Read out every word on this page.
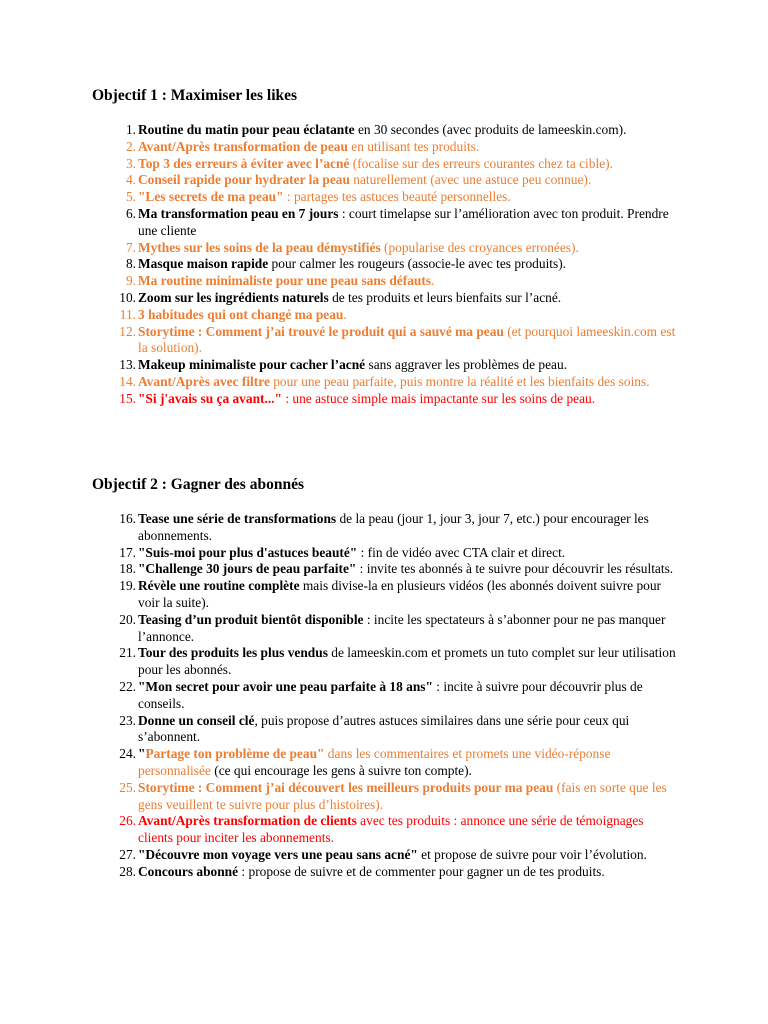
Objectif 1 : Maximiser les likes
1. Routine du matin pour peau éclatante en 30 secondes (avec produits de lameeskin.com).
2. Avant/Après transformation de peau en utilisant tes produits.
3. Top 3 des erreurs à éviter avec l’acné (focalise sur des erreurs courantes chez ta cible).
4. Conseil rapide pour hydrater la peau naturellement (avec une astuce peu connue).
5. "Les secrets de ma peau" : partages tes astuces beauté personnelles.
6. Ma transformation peau en 7 jours : court timelapse sur l’amélioration avec ton produit. Prendre une cliente
7. Mythes sur les soins de la peau démystifiés (popularise des croyances erronées).
8. Masque maison rapide pour calmer les rougeurs (associe-le avec tes produits).
9. Ma routine minimaliste pour une peau sans défauts.
10. Zoom sur les ingrédients naturels de tes produits et leurs bienfaits sur l’acné.
11. 3 habitudes qui ont changé ma peau.
12. Storytime : Comment j’ai trouvé le produit qui a sauvé ma peau (et pourquoi lameeskin.com est la solution).
13. Makeup minimaliste pour cacher l’acné sans aggraver les problèmes de peau.
14. Avant/Après avec filtre pour une peau parfaite, puis montre la réalité et les bienfaits des soins.
15. "Si j'avais su ça avant..." : une astuce simple mais impactante sur les soins de peau.
Objectif 2 : Gagner des abonnés
16. Tease une série de transformations de la peau (jour 1, jour 3, jour 7, etc.) pour encourager les abonnements.
17. "Suis-moi pour plus d'astuces beauté" : fin de vidéo avec CTA clair et direct.
18. "Challenge 30 jours de peau parfaite" : invite tes abonnés à te suivre pour découvrir les résultats.
19. Révèle une routine complète mais divise-la en plusieurs vidéos (les abonnés doivent suivre pour voir la suite).
20. Teasing d’un produit bientôt disponible : incite les spectateurs à s’abonner pour ne pas manquer l’annonce.
21. Tour des produits les plus vendus de lameeskin.com et promets un tuto complet sur leur utilisation pour les abonnés.
22. "Mon secret pour avoir une peau parfaite à 18 ans" : incite à suivre pour découvrir plus de conseils.
23. Donne un conseil clé, puis propose d’autres astuces similaires dans une série pour ceux qui s’abonnent.
24. "Partage ton problème de peau" dans les commentaires et promets une vidéo-réponse personnalisée (ce qui encourage les gens à suivre ton compte).
25. Storytime : Comment j’ai découvert les meilleurs produits pour ma peau (fais en sorte que les gens veuillent te suivre pour plus d’histoires).
26. Avant/Après transformation de clients avec tes produits : annonce une série de témoignages clients pour inciter les abonnements.
27. "Découvre mon voyage vers une peau sans acné" et propose de suivre pour voir l’évolution.
28. Concours abonné : propose de suivre et de commenter pour gagner un de tes produits.
